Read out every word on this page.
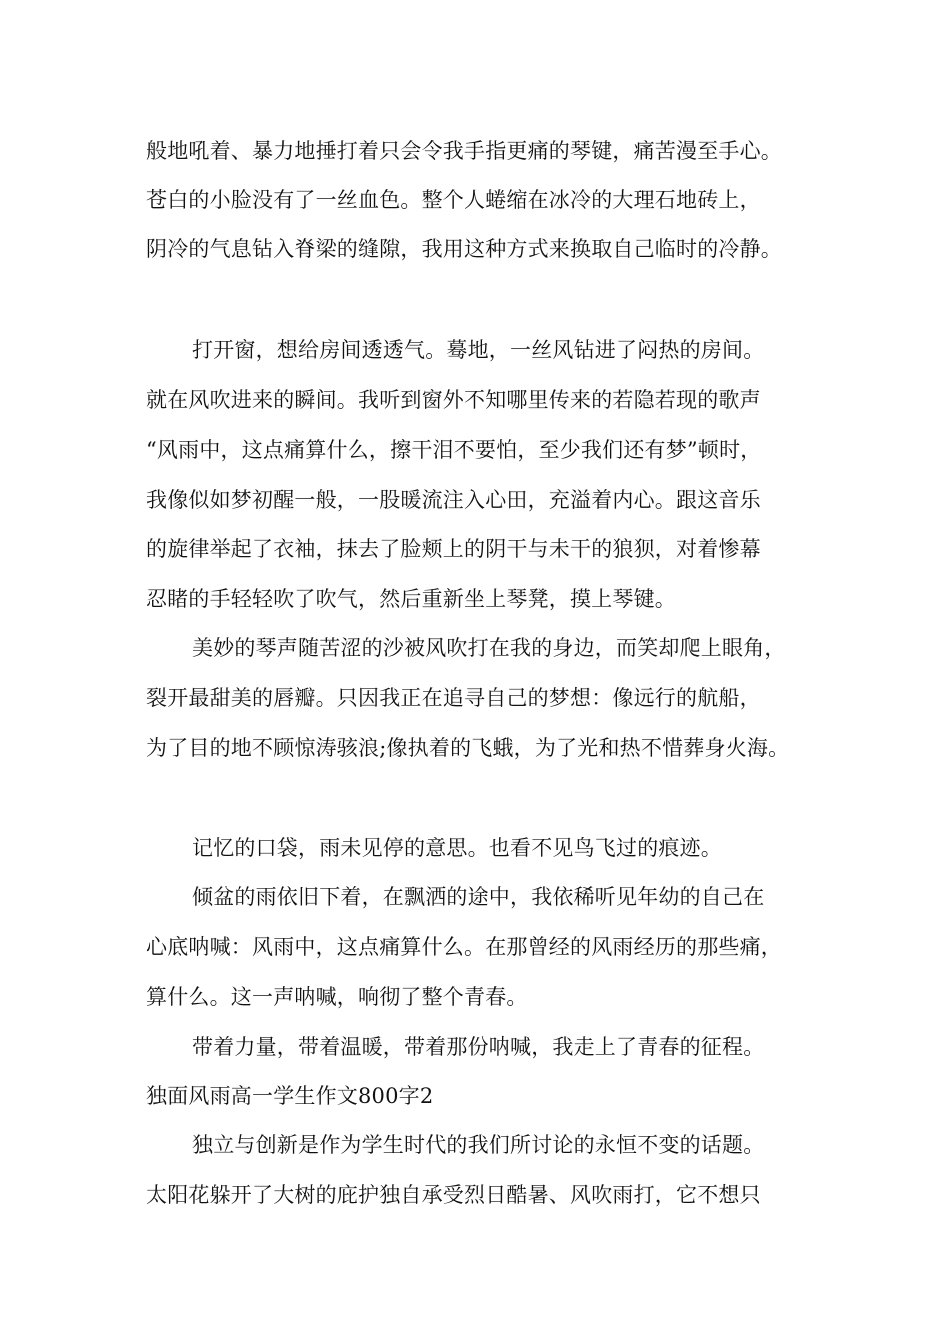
般地吼着、暴力地捶打着只会令我手指更痛的琴键，痛苦漫至手心。
苍白的小脸没有了一丝血色。整个人蜷缩在冰冷的大理石地砖上，
阴冷的气息钻入脊梁的缝隙，我用这种方式来换取自己临时的冷静。
打开窗，想给房间透透气。蓦地，一丝风钻进了闷热的房间。
就在风吹进来的瞬间。我听到窗外不知哪里传来的若隐若现的歌声
“风雨中，这点痛算什么，擦干泪不要怕，至少我们还有梦”顿时，
我像似如梦初醒一般，一股暖流注入心田，充溢着内心。跟这音乐
的旋律举起了衣袖，抹去了脸颊上的阴干与未干的狼狈，对着惨幕
忍睹的手轻轻吹了吹气，然后重新坐上琴凳，摸上琴键。
美妙的琴声随苦涩的沙被风吹打在我的身边，而笑却爬上眼角，
裂开最甜美的唇瓣。只因我正在追寻自己的梦想：像远行的航船，
为了目的地不顾惊涛骇浪;像执着的飞蛾，为了光和热不惜葬身火海。
记忆的口袋，雨未见停的意思。也看不见鸟飞过的痕迹。
倾盆的雨依旧下着，在飘洒的途中，我依稀听见年幼的自己在
心底呐喊：风雨中，这点痛算什么。在那曾经的风雨经历的那些痛，
算什么。这一声呐喊，响彻了整个青春。
带着力量，带着温暖，带着那份呐喊，我走上了青春的征程。
独面风雨高一学生作文800字2
独立与创新是作为学生时代的我们所讨论的永恒不变的话题。
太阳花躲开了大树的庇护独自承受烈日酷暑、风吹雨打，它不想只
